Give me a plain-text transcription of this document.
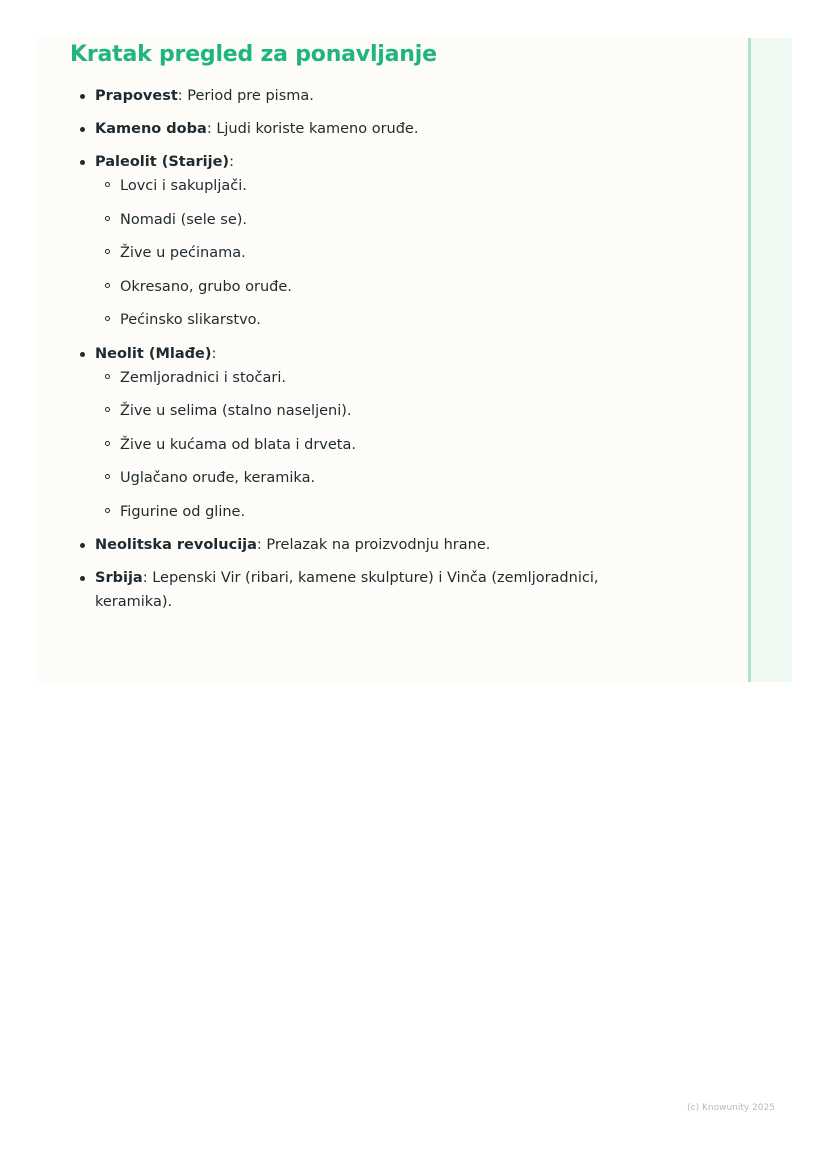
Kratak pregled za ponavljanje
Prapovest: Period pre pisma.
Kameno doba: Ljudi koriste kameno oruđe.
Paleolit (Starije):
Lovci i sakupljači.
Nomadi (sele se).
Žive u pećinama.
Okresano, grubo oruđe.
Pećinsko slikarstvo.
Neolit (Mlađe):
Zemljoradnici i stočari.
Žive u selima (stalno naseljeni).
Žive u kućama od blata i drveta.
Uglačano oruđe, keramika.
Figurine od gline.
Neolitska revolucija: Prelazak na proizvodnju hrane.
Srbija: Lepenski Vir (ribari, kamene skulpture) i Vinča (zemljoradnici, keramika).
(c) Knowunity 2025
